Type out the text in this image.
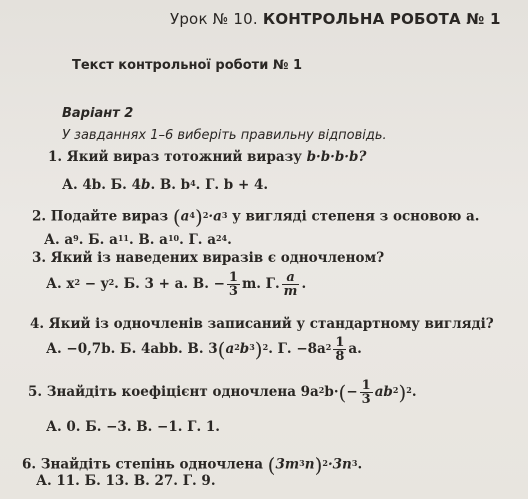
Урок № 10. КОНТРОЛЬНА РОБОТА № 1
Текст контрольної роботи № 1
Варіант 2
У завданнях 1–6 виберіть правильну відповідь.
1. Який вираз тотожний виразу b·b·b·b?
А. 4b. Б. 4b. В. $b^4$. Г. b + 4.
2. Подайте вираз $(a^4)^2\cdot a^3$ у вигляді степеня з основою a.
А. $a^9$. Б. $a^{11}$. В. $a^{10}$. Г. $a^{24}$.
3. Який із наведених виразів є одночленом?
А. $x^2 - y^2$. Б. 3 + a. В. − $\frac{1}{3} m$. Г. $\frac{a}{m}$ .
4. Який із одночленів записаний у стандартному вигляді?
А. −0,7b. Б. 4abb. В. $3(a^2b^3)^2$. Г. $-8a^2 \frac{1}{8} a$.
5. Знайдіть коефіцієнт одночлена $9a^2b\cdot(- \frac{1}{3} ab^2)^2$.
А. 0. Б. −3. В. −1. Г. 1.
6. Знайдіть степінь одночлена $(3m^3n)^2\cdot 3n^3$.
А. 11. Б. 13. В. 27. Г. 9.
